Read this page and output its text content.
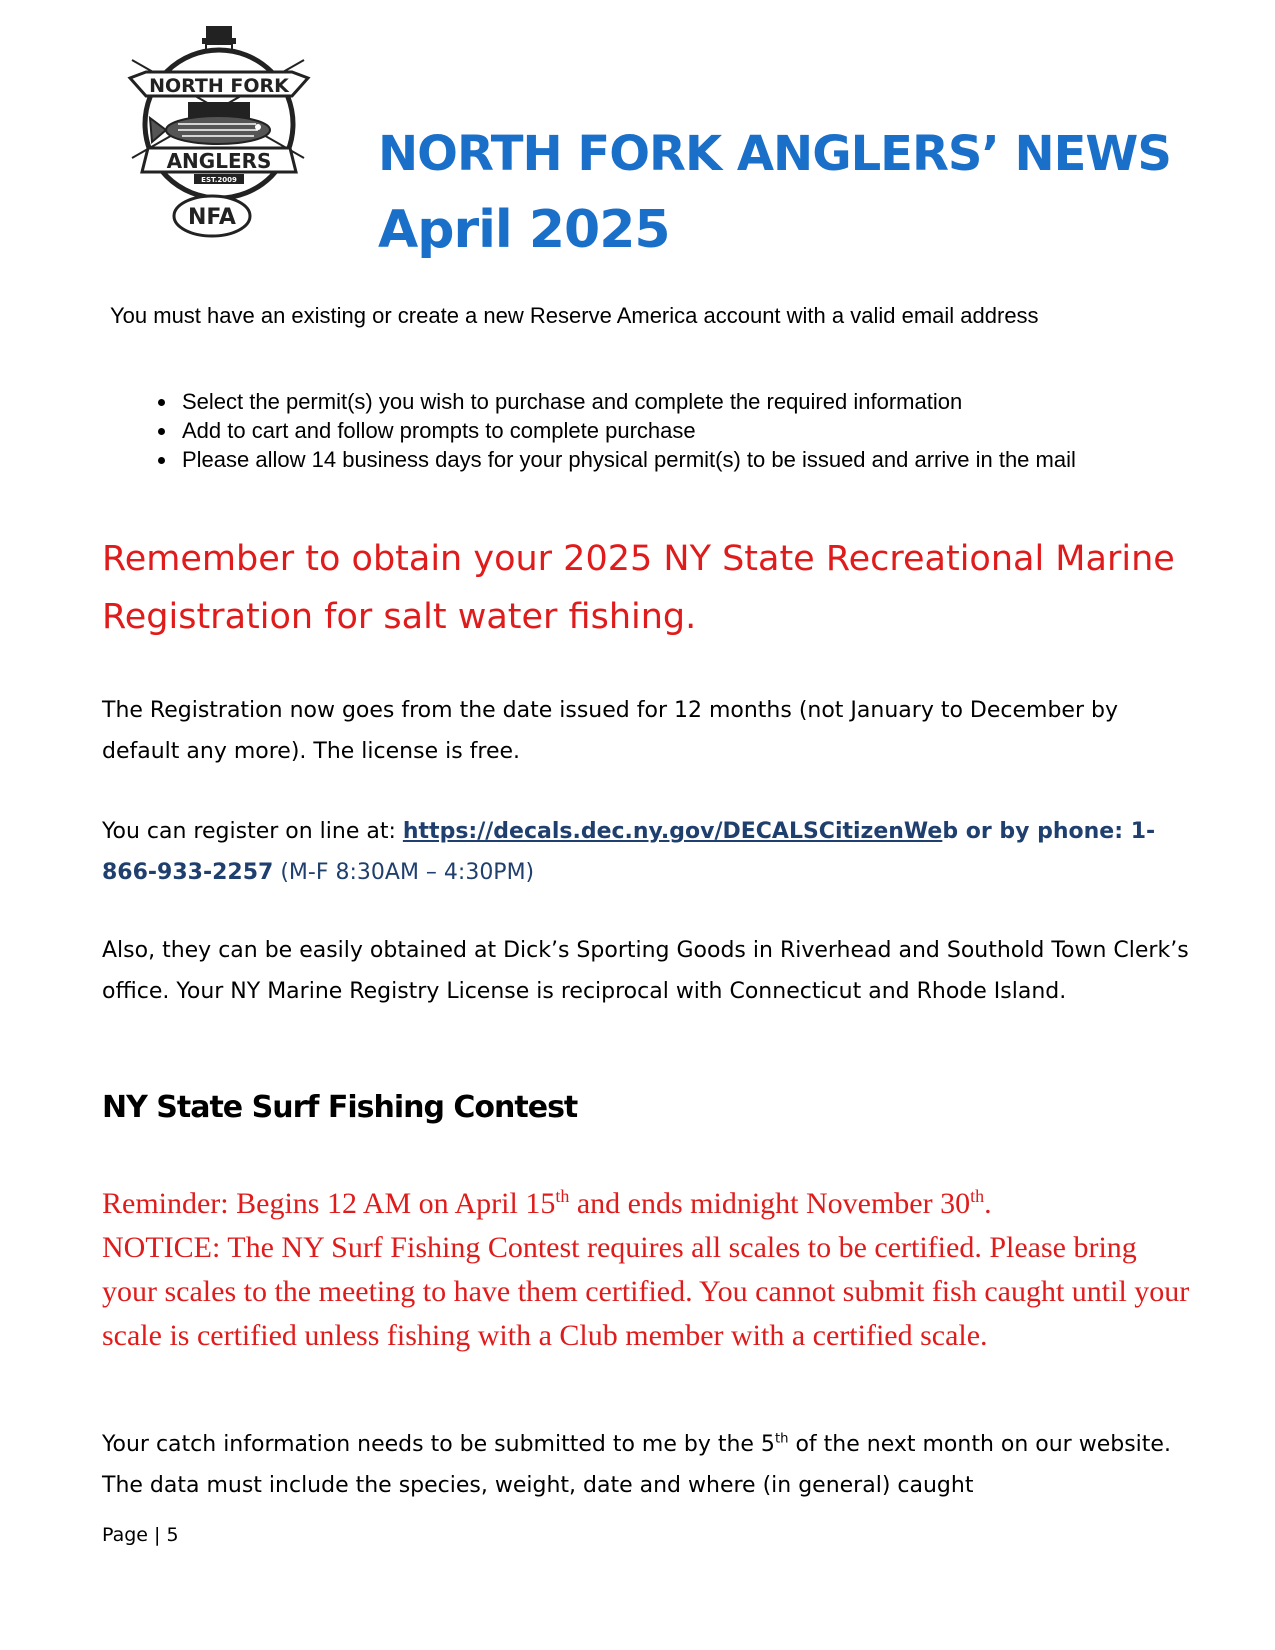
NORTH FORK
ANGLERS
EST.2009
NFA
NORTH FORK ANGLERS’ NEWS
April 2025
You must have an existing or create a new Reserve America account with a valid email address
• Select the permit(s) you wish to purchase and complete the required information
• Add to cart and follow prompts to complete purchase
• Please allow 14 business days for your physical permit(s) to be issued and arrive in the mail
Remember to obtain your 2025 NY State Recreational Marine Registration for salt water fishing.
The Registration now goes from the date issued for 12 months (not January to December by default any more). The license is free.
You can register on line at: https://decals.dec.ny.gov/DECALSCitizenWeb or by phone: 1-866-933-2257 (M-F 8:30AM – 4:30PM)
Also, they can be easily obtained at Dick’s Sporting Goods in Riverhead and Southold Town Clerk’s office. Your NY Marine Registry License is reciprocal with Connecticut and Rhode Island.
NY State Surf Fishing Contest
Reminder: Begins 12 AM on April 15th and ends midnight November 30th.
NOTICE: The NY Surf Fishing Contest requires all scales to be certified. Please bring your scales to the meeting to have them certified. You cannot submit fish caught until your scale is certified unless fishing with a Club member with a certified scale.
Your catch information needs to be submitted to me by the 5th of the next month on our website. The data must include the species, weight, date and where (in general) caught
Page | 5
